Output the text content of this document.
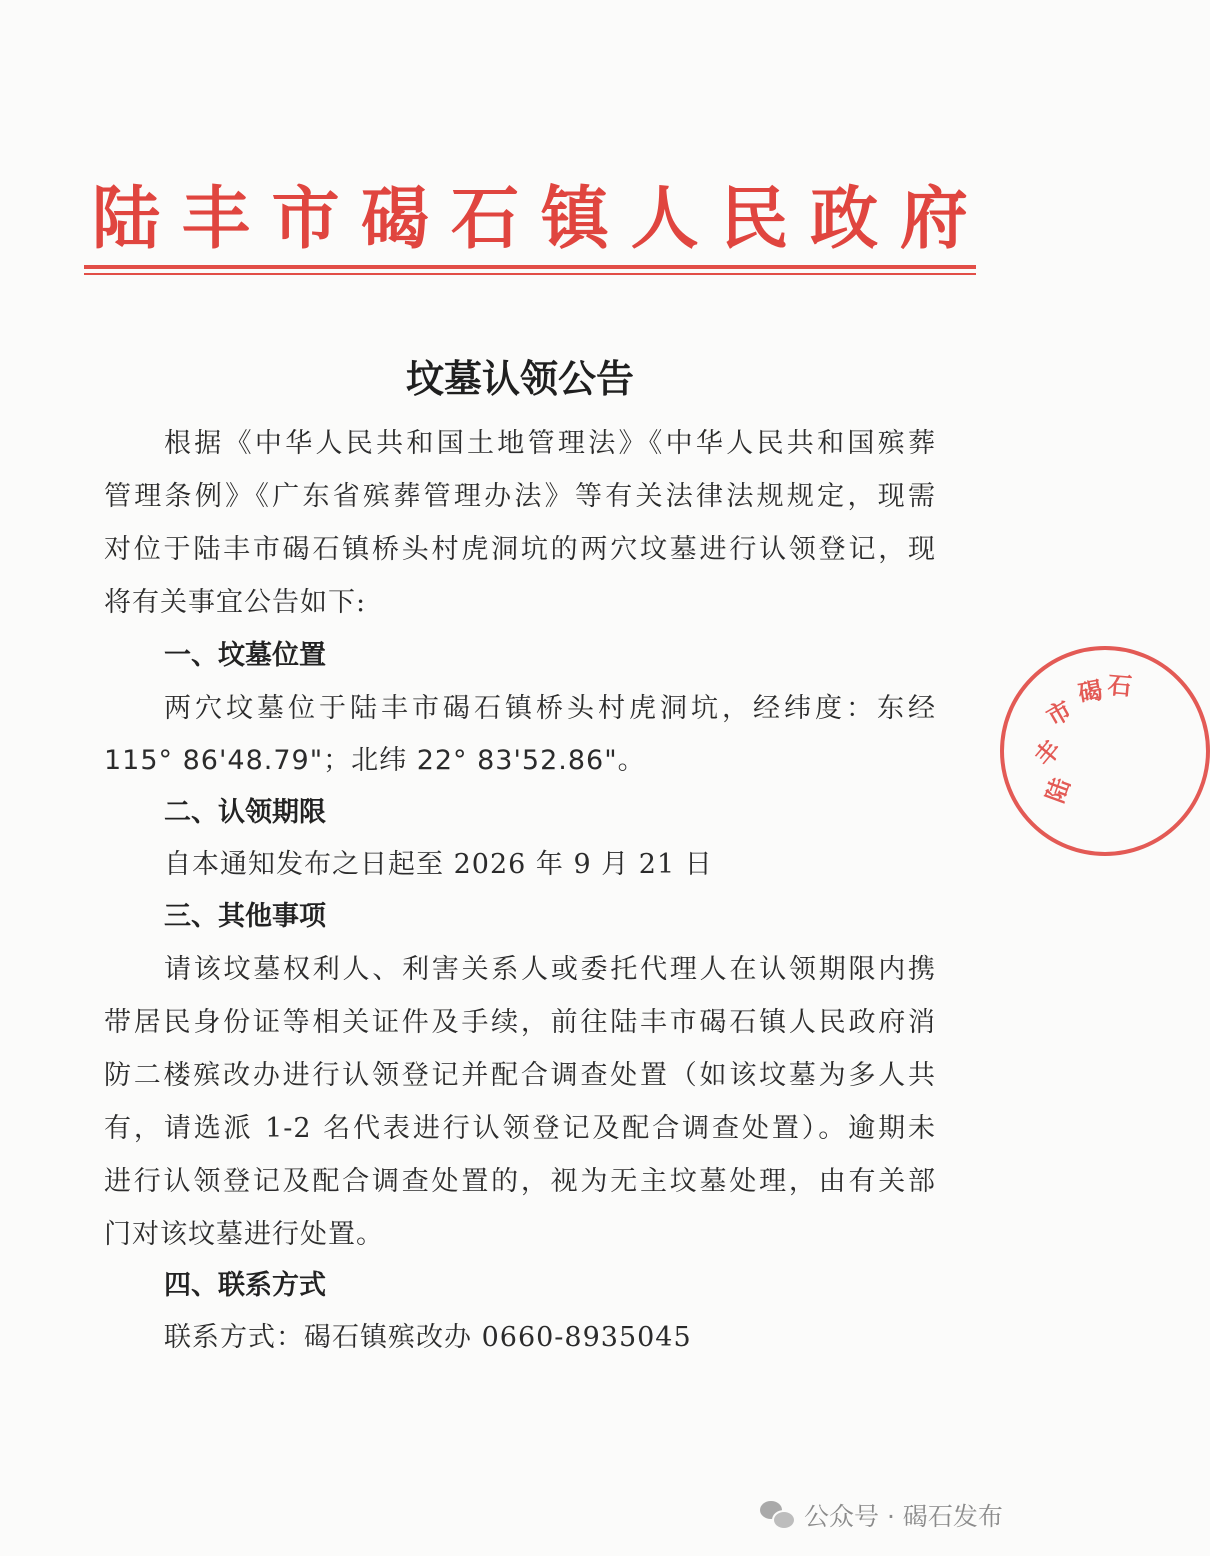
陆 丰 市 碣 石 镇 人 民 政 府
坟墓认领公告
根据《中华人民共和国土地管理法》《中华人民共和国殡葬
管理条例》《广东省殡葬管理办法》等有关法律法规规定，现需
对位于陆丰市碣石镇桥头村虎洞坑的两穴坟墓进行认领登记，现
将有关事宜公告如下:
一、坟墓位置
两穴坟墓位于陆丰市碣石镇桥头村虎洞坑，经纬度：东经
115° 86'48.79"；北纬 22° 83'52.86"。
二、认领期限
自本通知发布之日起至 2026 年 9 月 21 日
三、其他事项
请该坟墓权利人、利害关系人或委托代理人在认领期限内携
带居民身份证等相关证件及手续，前往陆丰市碣石镇人民政府消
防二楼殡改办进行认领登记并配合调查处置（如该坟墓为多人共
有，请选派 1-2 名代表进行认领登记及配合调查处置）。逾期未
进行认领登记及配合调查处置的，视为无主坟墓处理，由有关部
门对该坟墓进行处置。
四、联系方式
联系方式：碣石镇殡改办 0660-8935045
陆
丰
市
碣 石
公众号 · 碣石发布
